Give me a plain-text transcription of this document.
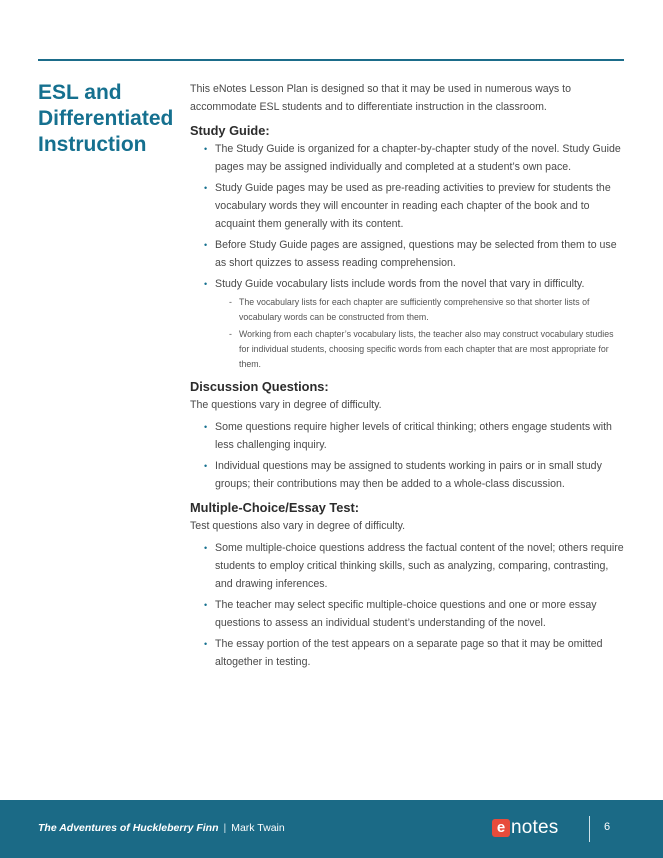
ESL and
Differentiated
Instruction

This eNotes Lesson Plan is designed so that it may be used in numerous ways to accommodate ESL students and to differentiate instruction in the classroom.

Study Guide:
• The Study Guide is organized for a chapter-by-chapter study of the novel. Study Guide pages may be assigned individually and completed at a student’s own pace.
• Study Guide pages may be used as pre-reading activities to preview for students the vocabulary words they will encounter in reading each chapter of the book and to acquaint them generally with its content.
• Before Study Guide pages are assigned, questions may be selected from them to use as short quizzes to assess reading comprehension.
• Study Guide vocabulary lists include words from the novel that vary in difficulty.
- The vocabulary lists for each chapter are sufficiently comprehensive so that shorter lists of vocabulary words can be constructed from them.
- Working from each chapter’s vocabulary lists, the teacher also may construct vocabulary studies for individual students, choosing specific words from each chapter that are most appropriate for them.
Discussion Questions:

The questions vary in degree of difficulty.

• Some questions require higher levels of critical thinking; others engage students with less challenging inquiry.
• Individual questions may be assigned to students working in pairs or in small study groups; their contributions may then be added to a whole-class discussion.
Multiple-Choice/Essay Test:

Test questions also vary in degree of difficulty.

• Some multiple-choice questions address the factual content of the novel; others require students to employ critical thinking skills, such as analyzing, comparing, contrasting, and drawing inferences.
• The teacher may select specific multiple-choice questions and one or more essay questions to assess an individual student’s understanding of the novel.
• The essay portion of the test appears on a separate page so that it may be omitted altogether in testing.
The Adventures of Huckleberry Finn | Mark Twain	e notes	6
